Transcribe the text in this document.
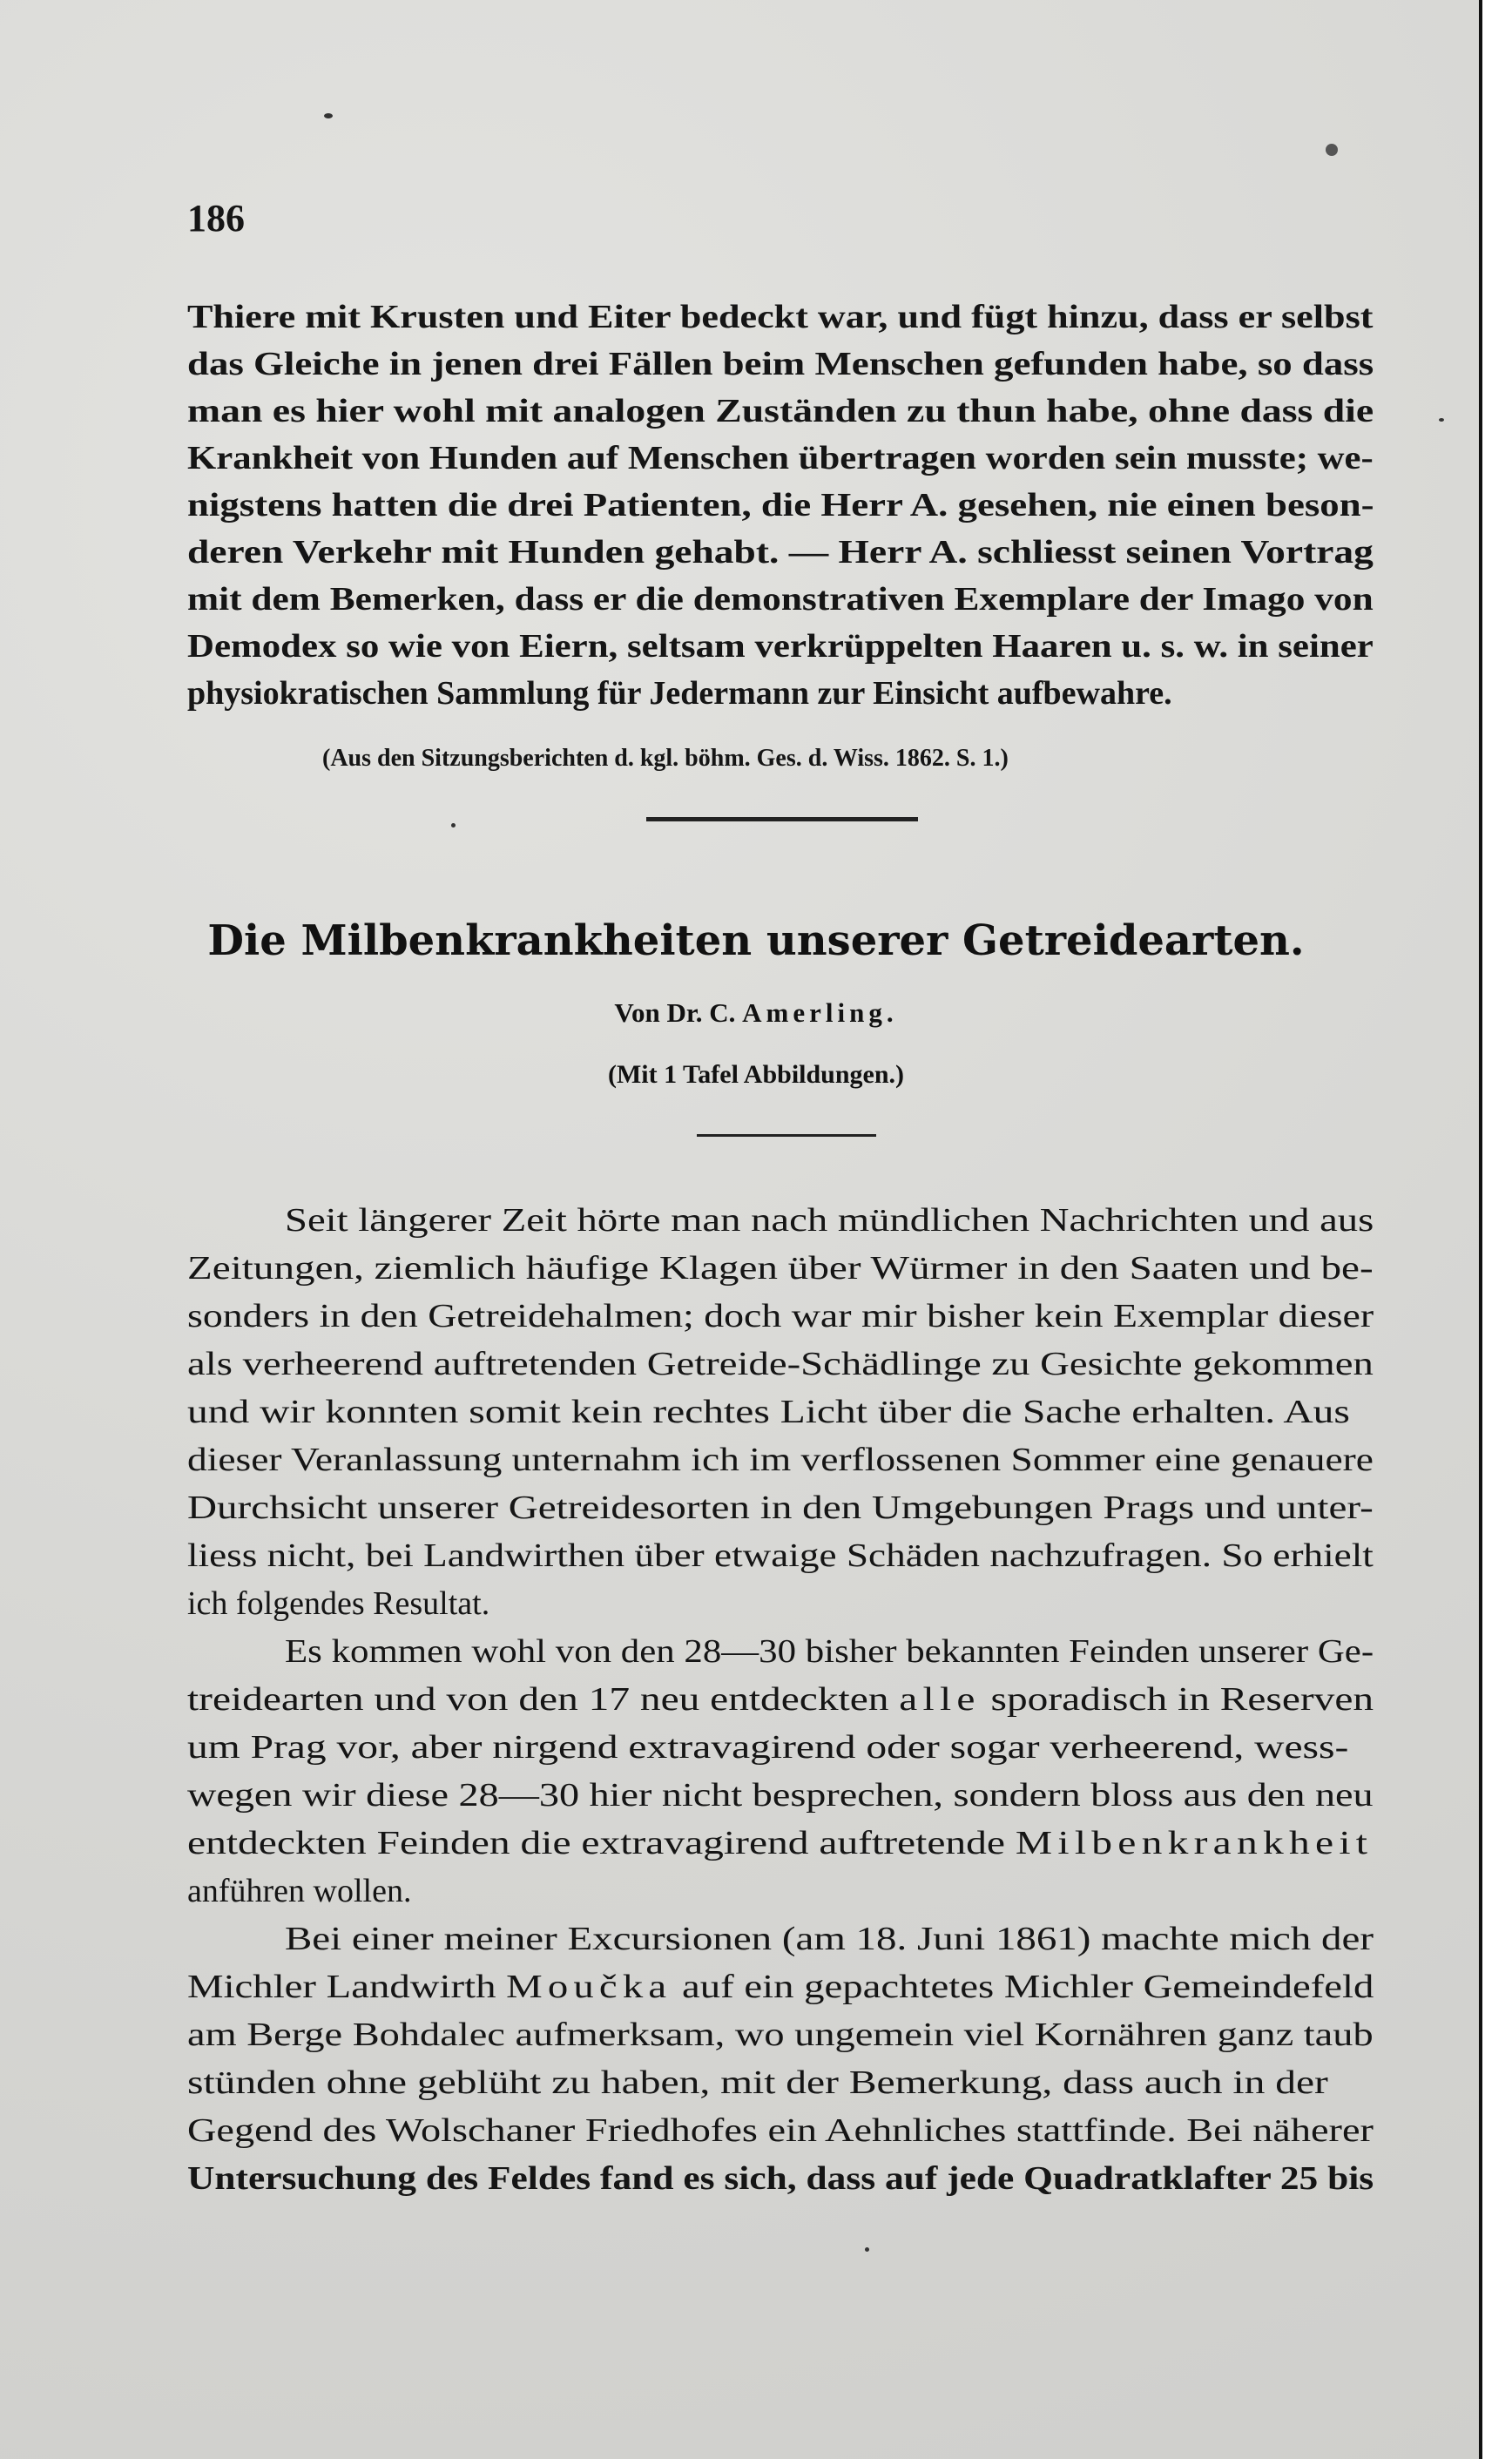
186
Thiere mit Krusten und Eiter bedeckt war, und fügt hinzu, dass er selbst
das Gleiche in jenen drei Fällen beim Menschen gefunden habe, so dass
man es hier wohl mit analogen Zuständen zu thun habe, ohne dass die
Krankheit von Hunden auf Menschen übertragen worden sein musste; we-
nigstens hatten die drei Patienten, die Herr A. gesehen, nie einen beson-
deren Verkehr mit Hunden gehabt. — Herr A. schliesst seinen Vortrag
mit dem Bemerken, dass er die demonstrativen Exemplare der Imago von
Demodex so wie von Eiern, seltsam verkrüppelten Haaren u. s. w. in seiner
physiokratischen Sammlung für Jedermann zur Einsicht aufbewahre.
(Aus den Sitzungsberichten d. kgl. böhm. Ges. d. Wiss. 1862. S. 1.)
Die Milbenkrankheiten unserer Getreidearten.
Von Dr. C. Amerling.
(Mit 1 Tafel Abbildungen.)
Seit längerer Zeit hörte man nach mündlichen Nachrichten und aus
Zeitungen, ziemlich häufige Klagen über Würmer in den Saaten und be-
sonders in den Getreidehalmen; doch war mir bisher kein Exemplar dieser
als verheerend auftretenden Getreide-Schädlinge zu Gesichte gekommen
und wir konnten somit kein rechtes Licht über die Sache erhalten. Aus
dieser Veranlassung unternahm ich im verflossenen Sommer eine genauere
Durchsicht unserer Getreidesorten in den Umgebungen Prags und unter-
liess nicht, bei Landwirthen über etwaige Schäden nachzufragen. So erhielt
ich folgendes Resultat.
Es kommen wohl von den 28—30 bisher bekannten Feinden unserer Ge-
treidearten und von den 17 neu entdeckten alle sporadisch in Reserven
um Prag vor, aber nirgend extravagirend oder sogar verheerend, wess-
wegen wir diese 28—30 hier nicht besprechen, sondern bloss aus den neu
entdeckten Feinden die extravagirend auftretende Milbenkrankheit
anführen wollen.
Bei einer meiner Excursionen (am 18. Juni 1861) machte mich der
Michler Landwirth Moučka auf ein gepachtetes Michler Gemeindefeld
am Berge Bohdalec aufmerksam, wo ungemein viel Kornähren ganz taub
stünden ohne geblüht zu haben, mit der Bemerkung, dass auch in der
Gegend des Wolschaner Friedhofes ein Aehnliches stattfinde. Bei näherer
Untersuchung des Feldes fand es sich, dass auf jede Quadratklafter 25 bis
